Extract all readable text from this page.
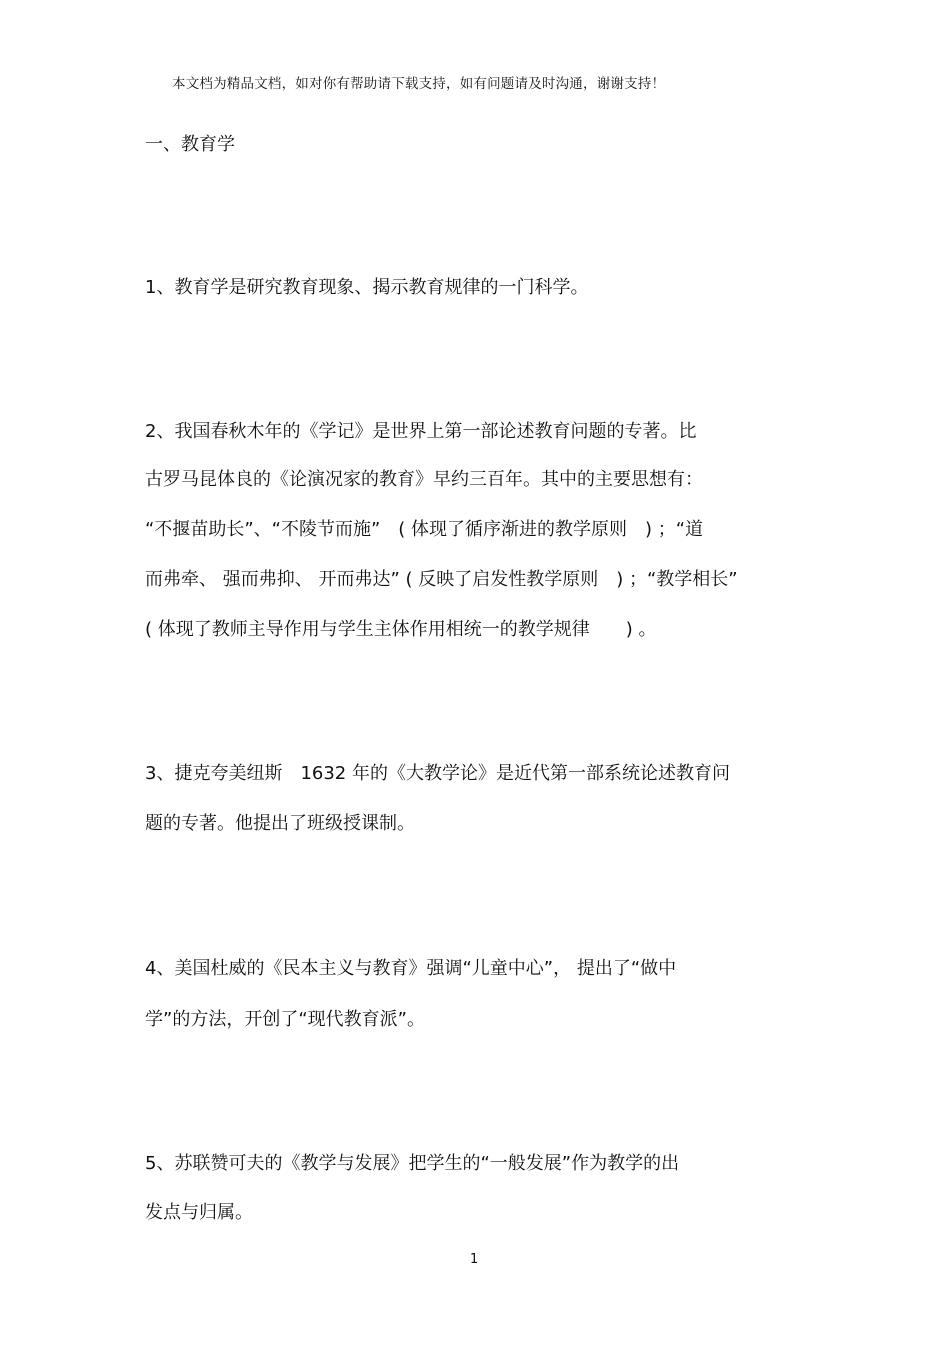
本文档为精品文档，如对你有帮助请下载支持，如有问题请及时沟通，谢谢支持！
一、教育学
1、教育学是研究教育现象、揭示教育规律的一门科学。
2、我国春秋木年的《学记》是世界上第一部论述教育问题的专著。比
古罗马昆体良的《论演况家的教育》早约三百年。其中的主要思想有：
“不揠苗助长”、“不陵节而施”　( 体现了循序渐进的教学原则　) ；“道
而弗牵、 强而弗抑、 开而弗达” ( 反映了启发性教学原则　) ；“教学相长”
( 体现了教师主导作用与学生主体作用相统一的教学规律　　) 。
3、捷克夸美纽斯　1632 年的《大教学论》是近代第一部系统论述教育问
题的专著。他提出了班级授课制。
4、美国杜威的《民本主义与教育》强调“儿童中心”， 提出了“做中
学”的方法，开创了“现代教育派”。
5、苏联赞可夫的《教学与发展》把学生的“一般发展”作为教学的出
发点与归属。
1
